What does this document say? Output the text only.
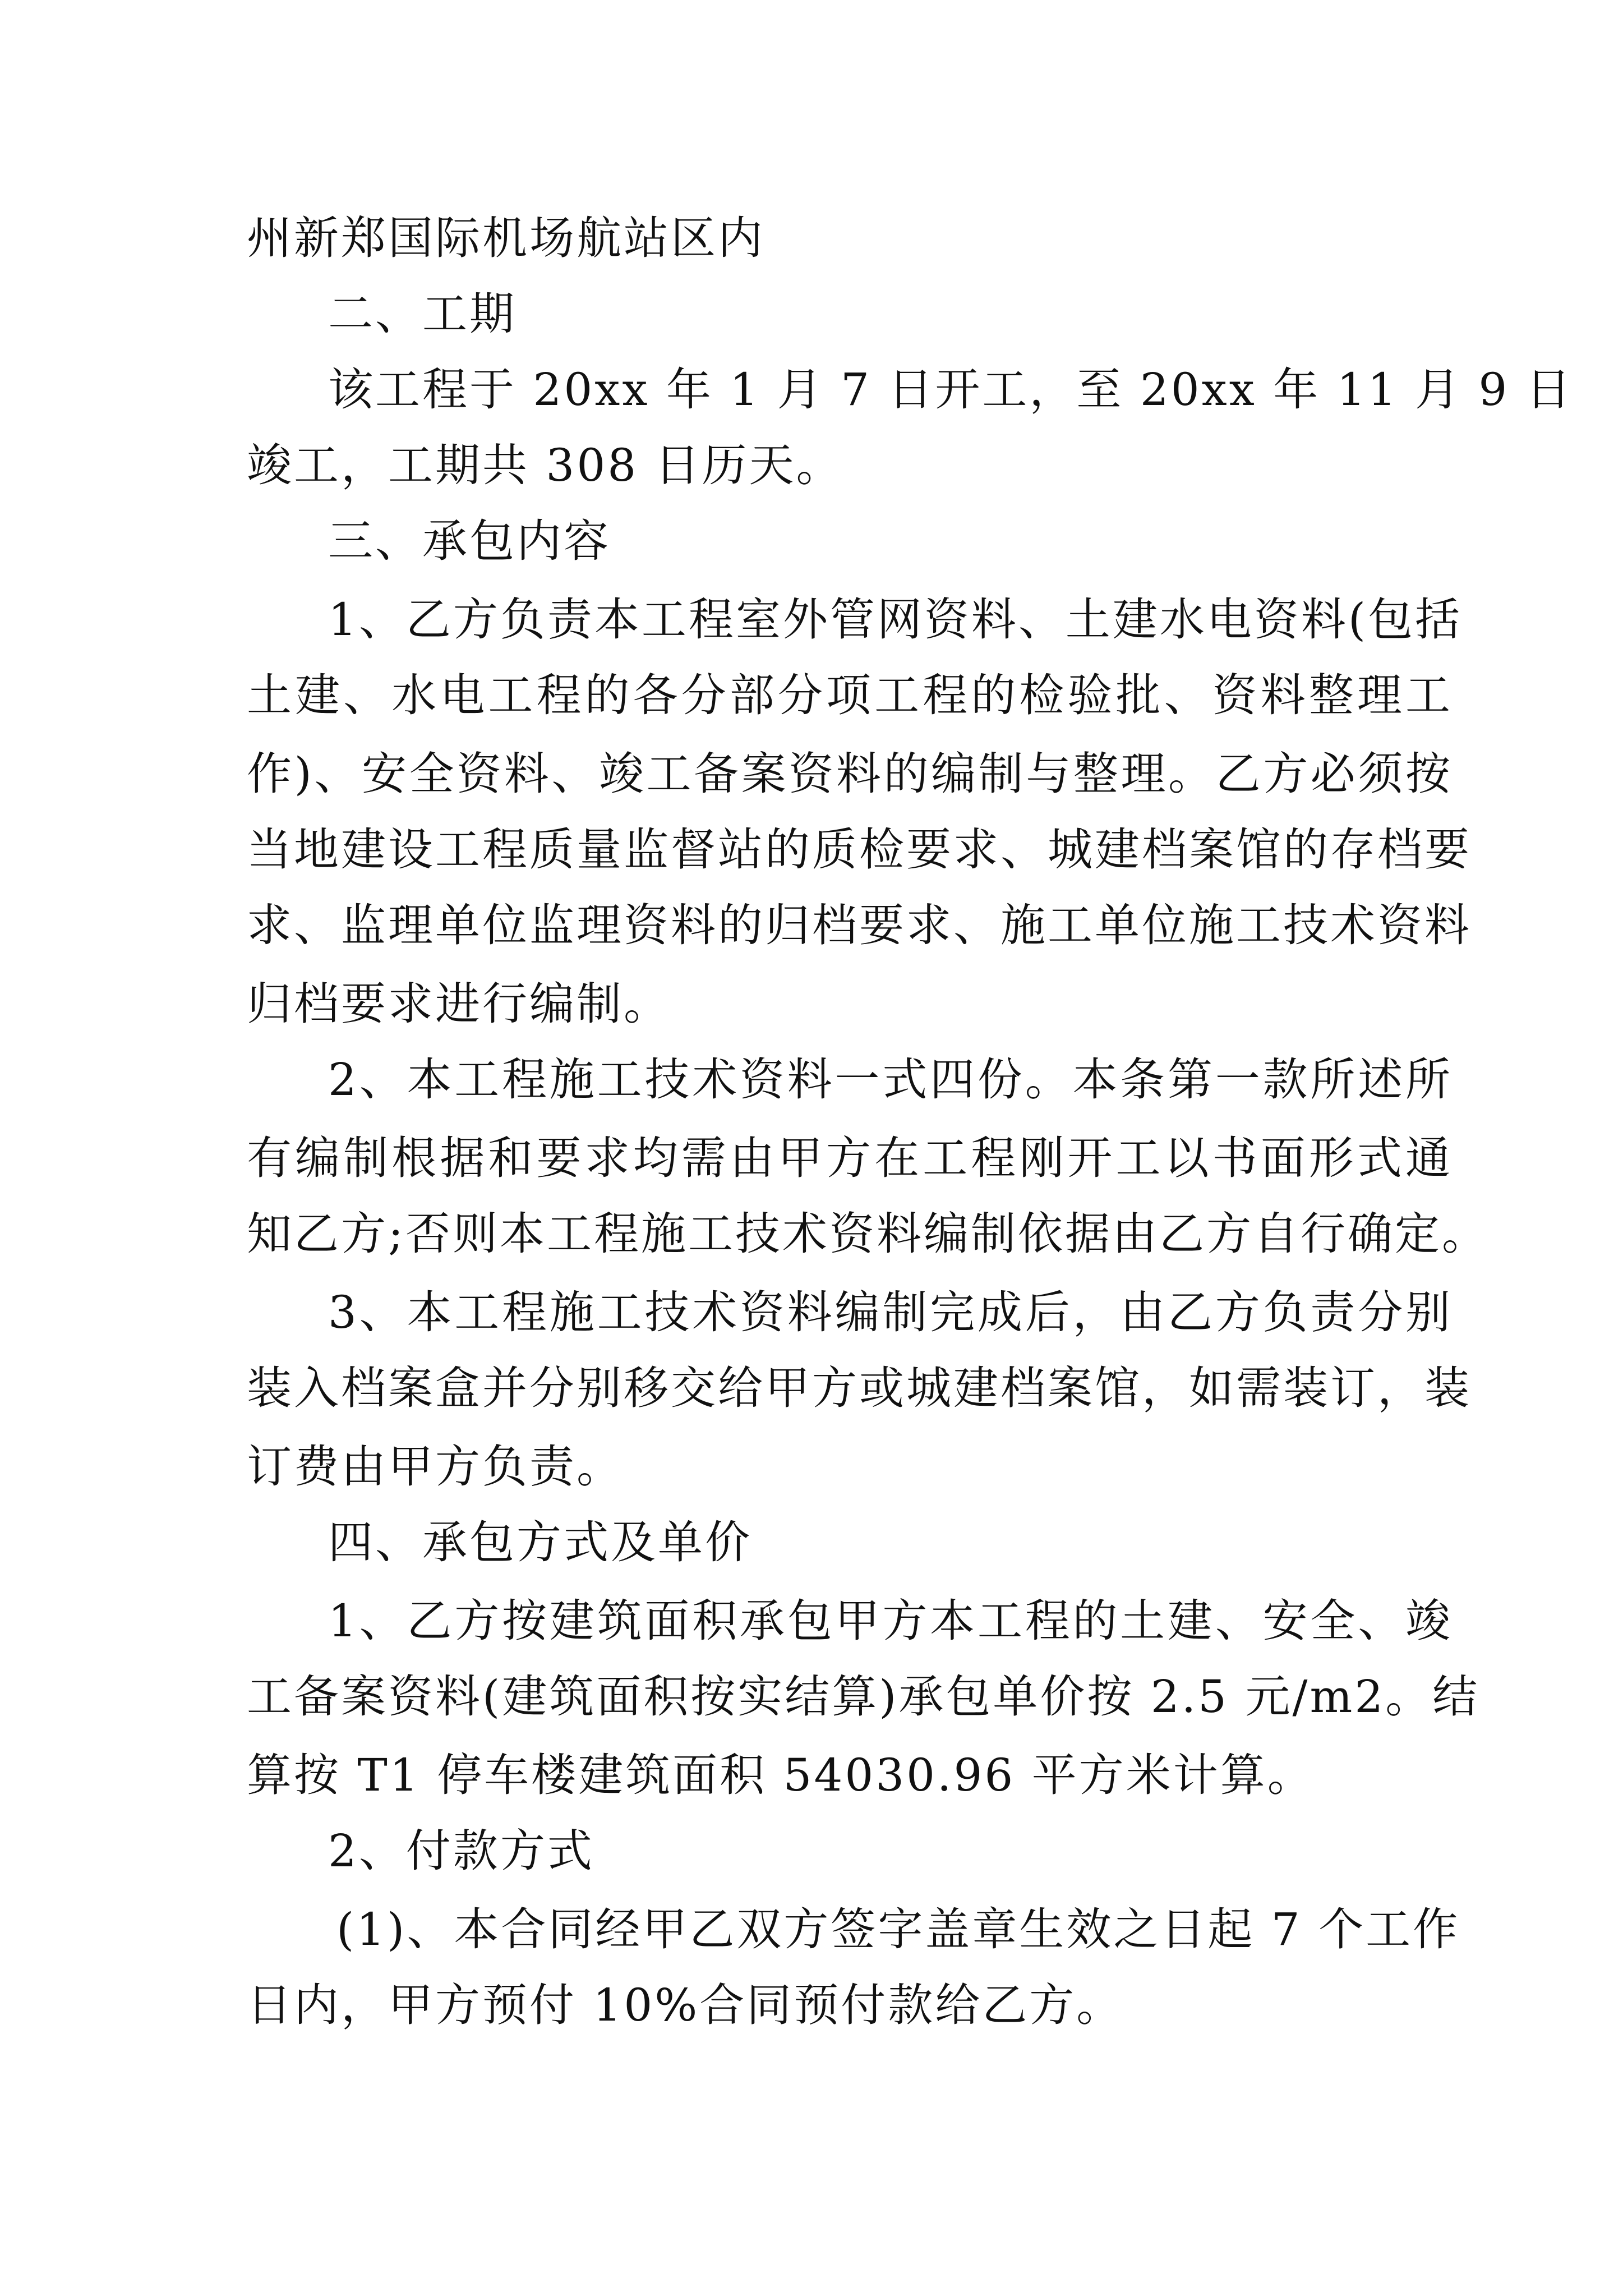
州新郑国际机场航站区内
二、工期
该工程于 20xx 年 1 月 7 日开工，至 20xx 年 11 月 9 日
竣工，工期共 308 日历天。
三、承包内容
1、乙方负责本工程室外管网资料、土建水电资料(包括
土建、水电工程的各分部分项工程的检验批、资料整理工
作)、安全资料、竣工备案资料的编制与整理。乙方必须按
当地建设工程质量监督站的质检要求、城建档案馆的存档要
求、监理单位监理资料的归档要求、施工单位施工技术资料
归档要求进行编制。
2、本工程施工技术资料一式四份。本条第一款所述所
有编制根据和要求均需由甲方在工程刚开工以书面形式通
知乙方;否则本工程施工技术资料编制依据由乙方自行确定。
3、本工程施工技术资料编制完成后，由乙方负责分别
装入档案盒并分别移交给甲方或城建档案馆，如需装订，装
订费由甲方负责。
四、承包方式及单价
1、乙方按建筑面积承包甲方本工程的土建、安全、竣
工备案资料(建筑面积按实结算)承包单价按 2.5 元/m2。结
算按 T1 停车楼建筑面积 54030.96 平方米计算。
2、付款方式
(1)、本合同经甲乙双方签字盖章生效之日起 7 个工作
日内，甲方预付 10%合同预付款给乙方。
